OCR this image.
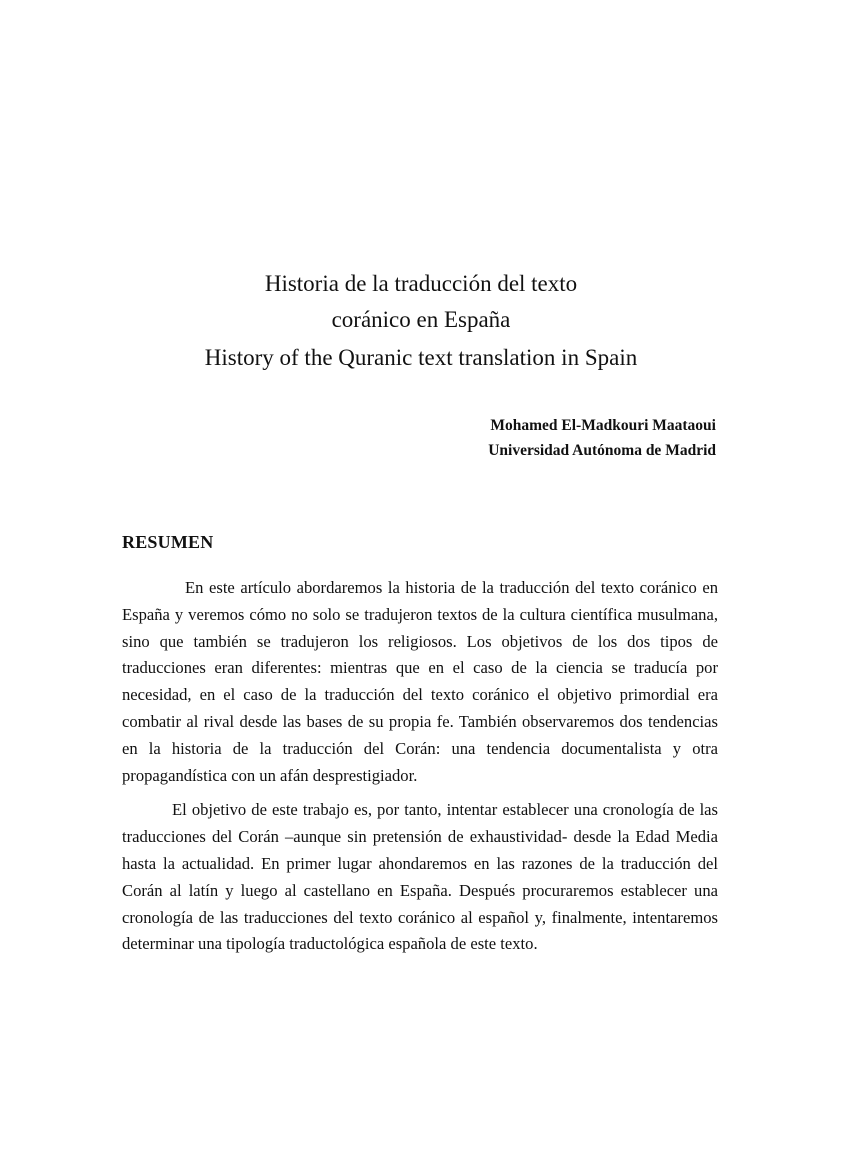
Historia de la traducción del texto
coránico en España
History of the Quranic text translation in Spain

Mohamed El-Madkouri Maataoui

Universidad Autónoma de Madrid

RESUMEN

En este artículo abordaremos la historia de la traducción del texto coránico en España y veremos cómo no solo se tradujeron textos de la cultura científica musulmana, sino que también se tradujeron los religiosos. Los objetivos de los dos tipos de traducciones eran diferentes: mientras que en el caso de la ciencia se traducía por necesidad, en el caso de la traducción del texto coránico el objetivo primordial era combatir al rival desde las bases de su propia fe. También observaremos dos tendencias en la historia de la traducción del Corán: una tendencia documentalista y otra propagandística con un afán desprestigiador.

El objetivo de este trabajo es, por tanto, intentar establecer una cronología de las traducciones del Corán –aunque sin pretensión de exhaustividad- desde la Edad Media hasta la actualidad. En primer lugar ahondaremos en las razones de la traducción del Corán al latín y luego al castellano en España. Después procuraremos establecer una cronología de las traducciones del texto coránico al español y, finalmente, intentaremos determinar una tipología traductológica española de este texto.
